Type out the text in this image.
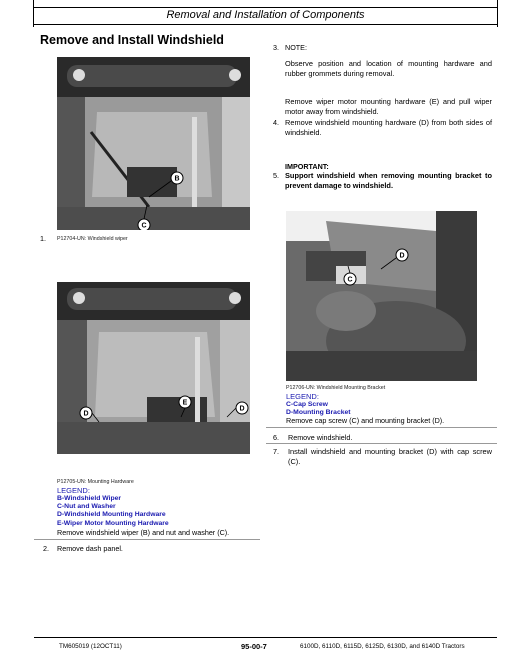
Removal and Installation of Components
Remove and Install Windshield
B
C
1. P12704-UN: Windshield wiper
D
E
D
P12705-UN: Mounting Hardware
LEGEND:
B-Windshield Wiper
C-Nut and Washer
D-Windshield Mounting Hardware
E-Wiper Motor Mounting Hardware
Remove windshield wiper (B) and nut and washer (C).
2. Remove dash panel.
3. NOTE:
Observe position and location of mounting hardware and rubber grommets during removal.
Remove wiper motor mounting hardware (E) and pull wiper motor away from windshield.
4. Remove windshield mounting hardware (D) from both sides of windshield.
IMPORTANT:
5. Support windshield when removing mounting bracket to prevent damage to windshield.
D
C
P12706-UN: Windshield Mounting Bracket
LEGEND:
C-Cap Screw
D-Mounting Bracket
Remove cap screw (C) and mounting bracket (D).
6. Remove windshield.
7. Install windshield and mounting bracket (D) with cap screw (C).
TM605019 (12OCT11)	95-00-7	6100D, 6110D, 6115D, 6125D, 6130D, and 6140D Tractors
